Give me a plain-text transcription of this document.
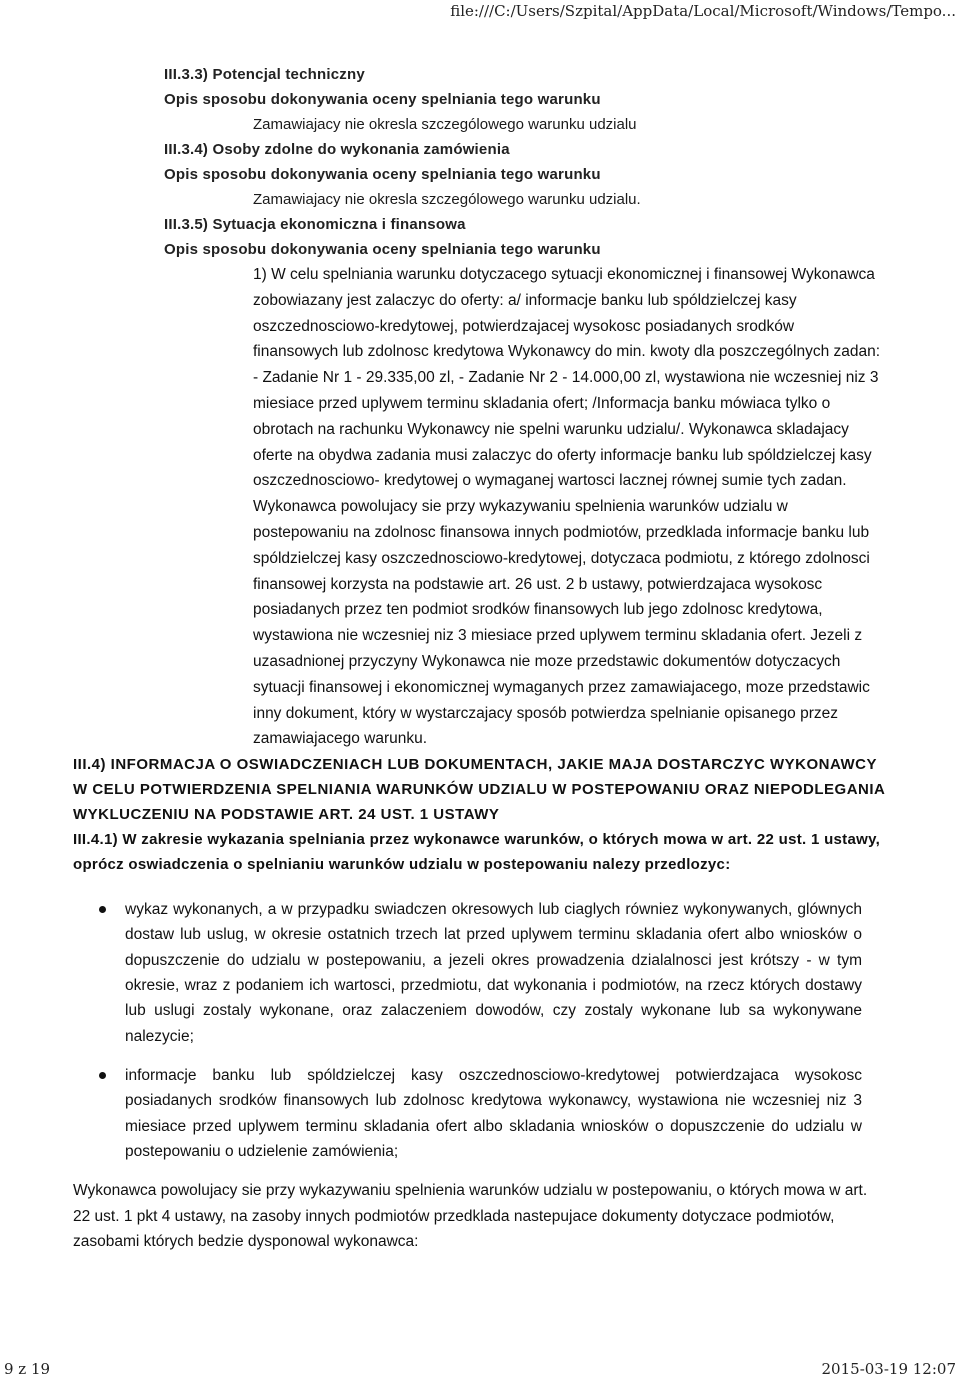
file:///C:/Users/Szpital/AppData/Local/Microsoft/Windows/Tempo...
III.3.3) Potencjal techniczny
Opis sposobu dokonywania oceny spelniania tego warunku
Zamawiajacy nie okresla szczególowego warunku udzialu
III.3.4) Osoby zdolne do wykonania zamówienia
Opis sposobu dokonywania oceny spelniania tego warunku
Zamawiajacy nie okresla szczególowego warunku udzialu.
III.3.5) Sytuacja ekonomiczna i finansowa
Opis sposobu dokonywania oceny spelniania tego warunku
1) W celu spelniania warunku dotyczacego sytuacji ekonomicznej i finansowej Wykonawca zobowiazany jest zalaczyc do oferty: a/ informacje banku lub spóldzielczej kasy oszczednosciowo-kredytowej, potwierdzajacej wysokosc posiadanych srodków finansowych lub zdolnosc kredytowa Wykonawcy do min. kwoty dla poszczególnych zadan: - Zadanie Nr 1 - 29.335,00 zl, - Zadanie Nr 2 - 14.000,00 zl, wystawiona nie wczesniej niz 3 miesiace przed uplywem terminu skladania ofert; /Informacja banku mówiaca tylko o obrotach na rachunku Wykonawcy nie spelni warunku udzialu/. Wykonawca skladajacy oferte na obydwa zadania musi zalaczyc do oferty informacje banku lub spóldzielczej kasy oszczednosciowo- kredytowej o wymaganej wartosci lacznej równej sumie tych zadan. Wykonawca powolujacy sie przy wykazywaniu spelnienia warunków udzialu w postepowaniu na zdolnosc finansowa innych podmiotów, przedklada informacje banku lub spóldzielczej kasy oszczednosciowo-kredytowej, dotyczaca podmiotu, z którego zdolnosci finansowej korzysta na podstawie art. 26 ust. 2 b ustawy, potwierdzajaca wysokosc posiadanych przez ten podmiot srodków finansowych lub jego zdolnosc kredytowa, wystawiona nie wczesniej niz 3 miesiace przed uplywem terminu skladania ofert. Jezeli z uzasadnionej przyczyny Wykonawca nie moze przedstawic dokumentów dotyczacych sytuacji finansowej i ekonomicznej wymaganych przez zamawiajacego, moze przedstawic inny dokument, który w wystarczajacy sposób potwierdza spelnianie opisanego przez zamawiajacego warunku.
III.4) INFORMACJA O OSWIADCZENIACH LUB DOKUMENTACH, JAKIE MAJA DOSTARCZYC WYKONAWCY W CELU POTWIERDZENIA SPELNIANIA WARUNKÓW UDZIALU W POSTEPOWANIU ORAZ NIEPODLEGANIA WYKLUCZENIU NA PODSTAWIE ART. 24 UST. 1 USTAWY
III.4.1) W zakresie wykazania spelniania przez wykonawce warunków, o których mowa w art. 22 ust. 1 ustawy, oprócz oswiadczenia o spelnianiu warunków udzialu w postepowaniu nalezy przedlozyc:
wykaz wykonanych, a w przypadku swiadczen okresowych lub ciaglych równiez wykonywanych, glównych dostaw lub uslug, w okresie ostatnich trzech lat przed uplywem terminu skladania ofert albo wniosków o dopuszczenie do udzialu w postepowaniu, a jezeli okres prowadzenia dzialalnosci jest krótszy - w tym okresie, wraz z podaniem ich wartosci, przedmiotu, dat wykonania i podmiotów, na rzecz których dostawy lub uslugi zostaly wykonane, oraz zalaczeniem dowodów, czy zostaly wykonane lub sa wykonywane nalezycie;
informacje banku lub spóldzielczej kasy oszczednosciowo-kredytowej potwierdzajaca wysokosc posiadanych srodków finansowych lub zdolnosc kredytowa wykonawcy, wystawiona nie wczesniej niz 3 miesiace przed uplywem terminu skladania ofert albo skladania wniosków o dopuszczenie do udzialu w postepowaniu o udzielenie zamówienia;
Wykonawca powolujacy sie przy wykazywaniu spelnienia warunków udzialu w postepowaniu, o których mowa w art. 22 ust. 1 pkt 4 ustawy, na zasoby innych podmiotów przedklada nastepujace dokumenty dotyczace podmiotów, zasobami których bedzie dysponowal wykonawca:
9 z 19	2015-03-19 12:07
